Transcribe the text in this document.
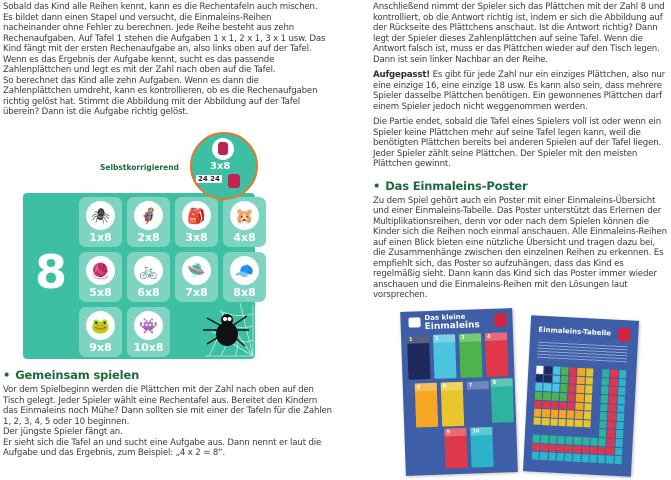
Sobald das Kind alle Reihen kennt, kann es die Rechentafeln auch mischen. Es bildet dann einen Stapel und versucht, die Einmaleins-Reihen nacheinander ohne Fehler zu berechnen. Jede Reihe besteht aus zehn Rechenaufgaben. Auf Tafel 1 stehen die Aufgaben 1 x 1, 2 x 1, 3 x 1 usw. Das Kind fängt mit der ersten Rechenaufgabe an, also links oben auf der Tafel. Wenn es das Ergebnis der Aufgabe kennt, sucht es das passende Zahlenplättchen und legt es mit der Zahl nach oben auf die Tafel.

So berechnet das Kind alle zehn Aufgaben. Wenn es dann die Zahlenplättchen umdreht, kann es kontrollieren, ob es die Rechenaufgaben richtig gelöst hat. Stimmt die Abbildung mit der Abbildung auf der Tafel überein? Dann ist die Aufgabe richtig gelöst.

Selbstkorrigierend
8
🕷
1x8
🦸
2x8
🎒
3x8
🐹
4x8
🧶
5x8
🚲
6x8
🛸
7x8
🧢
8x8
🐸
9x8
👾
10x8
3x8
24 24
• Gemeinsam spielen

Vor dem Spielbeginn werden die Plättchen mit der Zahl nach oben auf den Tisch gelegt. Jeder Spieler wählt eine Rechentafel aus. Bereitet den Kindern das Einmaleins noch Mühe? Dann sollten sie mit einer der Tafeln für die Zahlen 1, 2, 3, 4, 5 oder 10 beginnen.

Der jüngste Spieler fängt an.

Er sieht sich die Tafel an und sucht eine Aufgabe aus. Dann nennt er laut die Aufgabe und das Ergebnis, zum Beispiel: „4 x 2 = 8“.

Anschließend nimmt der Spieler sich das Plättchen mit der Zahl 8 und kontrolliert, ob die Antwort richtig ist, indem er sich die Abbildung auf der Rückseite des Plättchens anschaut. Ist die Antwort richtig? Dann legt der Spieler dieses Zahlenplättchen auf seine Tafel. Wenn die Antwort falsch ist, muss er das Plättchen wieder auf den Tisch legen. Dann ist sein linker Nachbar an der Reihe.

Aufgepasst! Es gibt für jede Zahl nur ein einziges Plättchen, also nur eine einzige 16, eine einzige 18 usw. Es kann also sein, dass mehrere Spieler dasselbe Plättchen benötigen. Ein gewonnenes Plättchen darf einem Spieler jedoch nicht weggenommen werden.

Die Partie endet, sobald die Tafel eines Spielers voll ist oder wenn ein Spieler keine Plättchen mehr auf seine Tafel legen kann, weil die benötigten Plättchen bereits bei anderen Spielen auf der Tafel liegen. Jeder Spieler zählt seine Plättchen. Der Spieler mit den meisten Plättchen gewinnt.

• Das Einmaleins-Poster

Zu dem Spiel gehört auch ein Poster mit einer Einmaleins-Übersicht und einer Einmaleins-Tabelle. Das Poster unterstützt das Erlernen der Multiplikationsreihen, denn vor oder nach dem Spielen können die Kinder sich die Reihen noch einmal anschauen. Alle Einmaleins-Reihen auf einen Blick bieten eine nützliche Übersicht und tragen dazu bei, die Zusammenhänge zwischen den einzelnen Reihen zu erkennen. Es empfiehlt sich, das Poster so aufzuhängen, dass das Kind es regelmäßig sieht. Dann kann das Kind sich das Poster immer wieder anschauen und die Einmaleins-Reihen mit den Lösungen laut vorsprechen.

Das kleine
Einmaleins
1	2	3	4
5	6	7	8
9	10
Einmaleins-Tabelle
